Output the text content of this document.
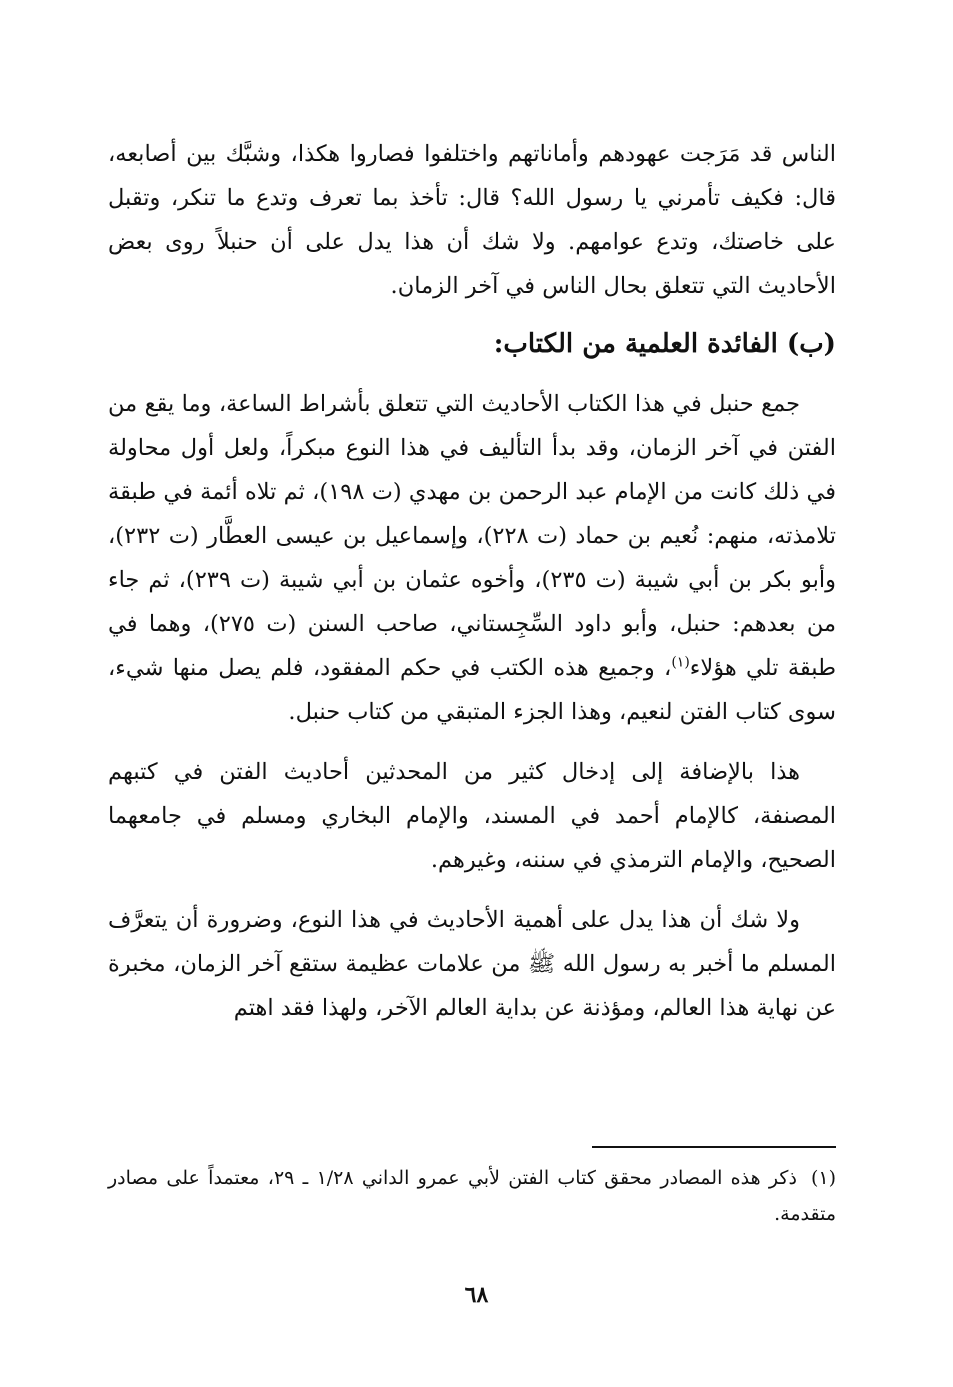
الناس قد مَرَجت عهودهم وأماناتهم واختلفوا فصاروا هكذا، وشبَّك بين أصابعه، قال: فكيف تأمرني يا رسول الله؟ قال: تأخذ بما تعرف وتدع ما تنكر، وتقبل على خاصتك، وتدع عوامهم. ولا شك أن هذا يدل على أن حنبلاً روى بعض الأحاديث التي تتعلق بحال الناس في آخر الزمان.

(ب) الفائدة العلمية من الكتاب:

جمع حنبل في هذا الكتاب الأحاديث التي تتعلق بأشراط الساعة، وما يقع من الفتن في آخر الزمان، وقد بدأ التأليف في هذا النوع مبكراً، ولعل أول محاولة في ذلك كانت من الإمام عبد الرحمن بن مهدي (ت ١٩٨)، ثم تلاه أئمة في طبقة تلامذته، منهم: نُعيم بن حماد (ت ٢٢٨)، وإسماعيل بن عيسى العطَّار (ت ٢٣٢)، وأبو بكر بن أبي شيبة (ت ٢٣٥)، وأخوه عثمان بن أبي شيبة (ت ٢٣٩)، ثم جاء من بعدهم: حنبل، وأبو داود السِّجِستاني، صاحب السنن (ت ٢٧٥)، وهما في طبقة تلي هؤلاء$^{(١)}$، وجميع هذه الكتب في حكم المفقود، فلم يصل منها شيء، سوى كتاب الفتن لنعيم، وهذا الجزء المتبقي من كتاب حنبل.

هذا بالإضافة إلى إدخال كثير من المحدثين أحاديث الفتن في كتبهم المصنفة، كالإمام أحمد في المسند، والإمام البخاري ومسلم في جامعهما الصحيح، والإمام الترمذي في سننه، وغيرهم.

ولا شك أن هذا يدل على أهمية الأحاديث في هذا النوع، وضرورة أن يتعرَّف المسلم ما أخبر به رسول الله ﷺ من علامات عظيمة ستقع آخر الزمان، مخبرة عن نهاية هذا العالم، ومؤذنة عن بداية العالم الآخر، ولهذا فقد اهتم

(١)ذكر هذه المصادر محقق كتاب الفتن لأبي عمرو الداني ١/٢٨ ـ ٢٩، معتمداً على مصادر متقدمة.
٦٨
